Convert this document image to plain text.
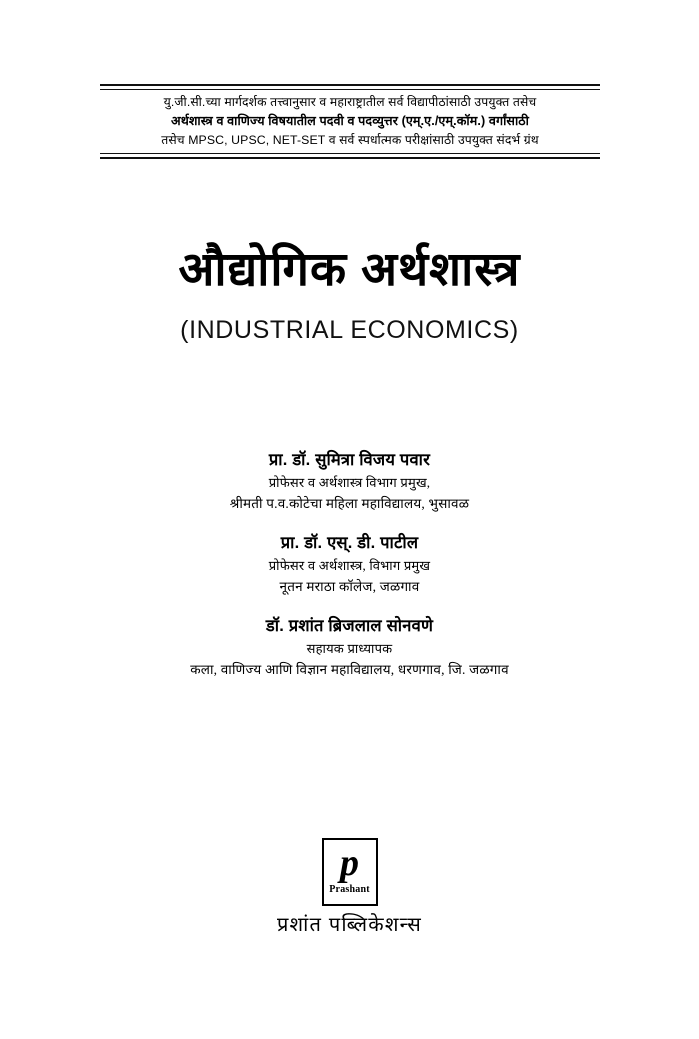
यु.जी.सी.च्या मार्गदर्शक तत्त्वानुसार व महाराष्ट्रातील सर्व विद्यापीठांसाठी उपयुक्त तसेच
अर्थशास्त्र व वाणिज्य विषयातील पदवी व पदव्युत्तर (एम्.ए./एम्.कॉम.) वर्गांसाठी
तसेच MPSC, UPSC, NET-SET व सर्व स्पर्धात्मक परीक्षांसाठी उपयुक्त संदर्भ ग्रंथ
औद्योगिक अर्थशास्त्र
(INDUSTRIAL ECONOMICS)
प्रा. डॉ. सुमित्रा विजय पवार
प्रोफेसर व अर्थशास्त्र विभाग प्रमुख,
श्रीमती प.व.कोटेचा महिला महाविद्यालय, भुसावळ
प्रा. डॉ. एस्. डी. पाटील
प्रोफेसर व अर्थशास्त्र, विभाग प्रमुख
नूतन मराठा कॉलेज, जळगाव
डॉ. प्रशांत ब्रिजलाल सोनवणे
सहायक प्राध्यापक
कला, वाणिज्य आणि विज्ञान महाविद्यालय, धरणगाव, जि. जळगाव
p
Prashant
प्रशांत पब्लिकेशन्स
